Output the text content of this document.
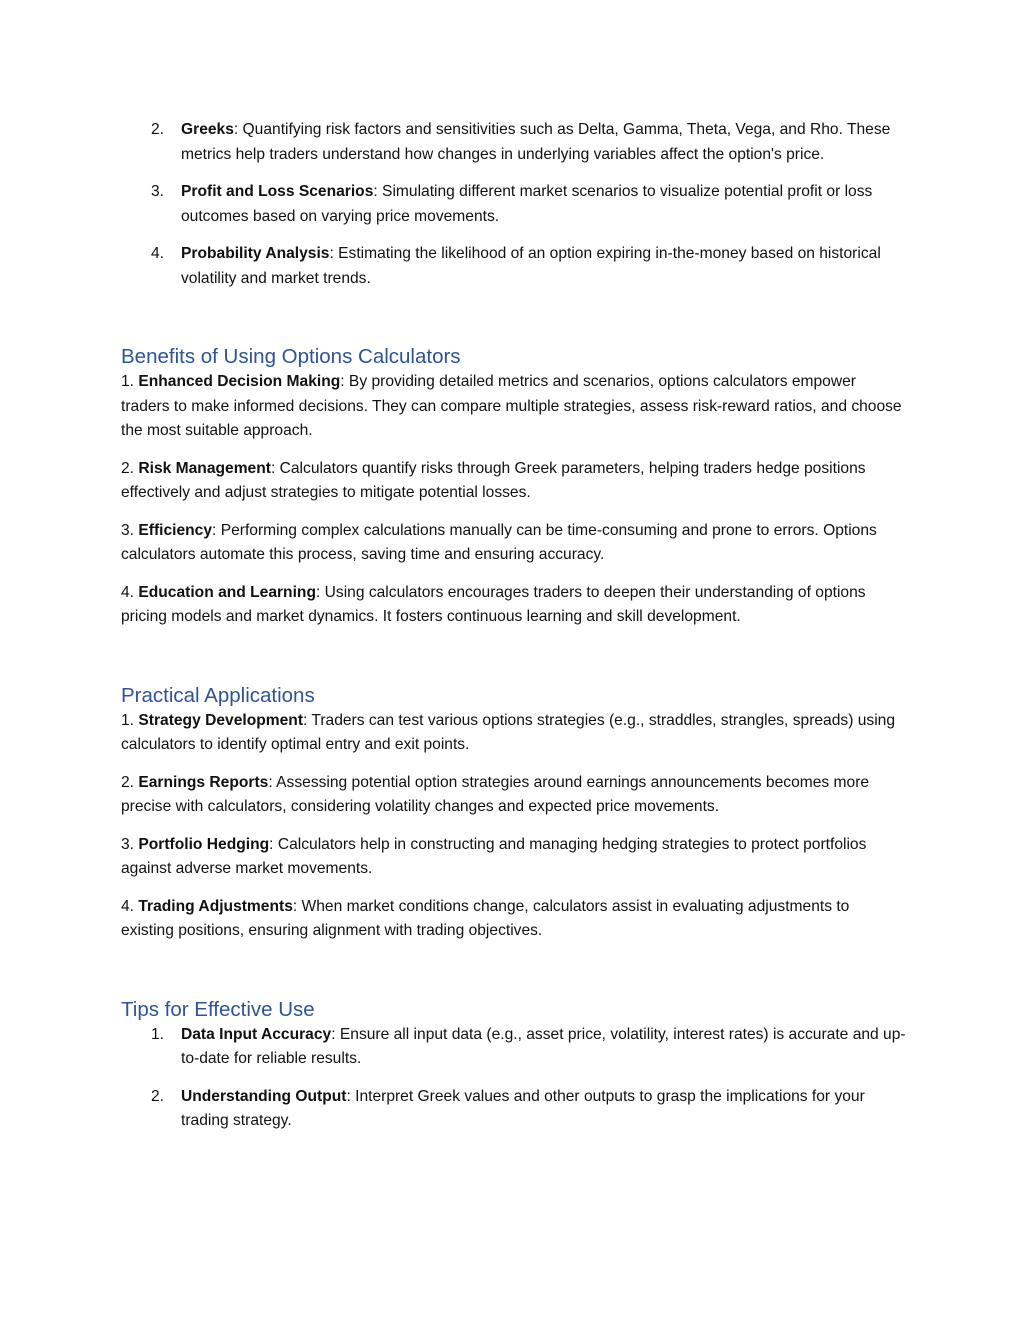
2. Greeks: Quantifying risk factors and sensitivities such as Delta, Gamma, Theta, Vega, and Rho. These metrics help traders understand how changes in underlying variables affect the option's price.
3. Profit and Loss Scenarios: Simulating different market scenarios to visualize potential profit or loss outcomes based on varying price movements.
4. Probability Analysis: Estimating the likelihood of an option expiring in-the-money based on historical volatility and market trends.
Benefits of Using Options Calculators

1. Enhanced Decision Making: By providing detailed metrics and scenarios, options calculators empower traders to make informed decisions. They can compare multiple strategies, assess risk-reward ratios, and choose the most suitable approach.

2. Risk Management: Calculators quantify risks through Greek parameters, helping traders hedge positions effectively and adjust strategies to mitigate potential losses.

3. Efficiency: Performing complex calculations manually can be time-consuming and prone to errors. Options calculators automate this process, saving time and ensuring accuracy.

4. Education and Learning: Using calculators encourages traders to deepen their understanding of options pricing models and market dynamics. It fosters continuous learning and skill development.

Practical Applications

1. Strategy Development: Traders can test various options strategies (e.g., straddles, strangles, spreads) using calculators to identify optimal entry and exit points.

2. Earnings Reports: Assessing potential option strategies around earnings announcements becomes more precise with calculators, considering volatility changes and expected price movements.

3. Portfolio Hedging: Calculators help in constructing and managing hedging strategies to protect portfolios against adverse market movements.

4. Trading Adjustments: When market conditions change, calculators assist in evaluating adjustments to existing positions, ensuring alignment with trading objectives.

Tips for Effective Use
1. Data Input Accuracy: Ensure all input data (e.g., asset price, volatility, interest rates) is accurate and up-to-date for reliable results.
2. Understanding Output: Interpret Greek values and other outputs to grasp the implications for your trading strategy.
